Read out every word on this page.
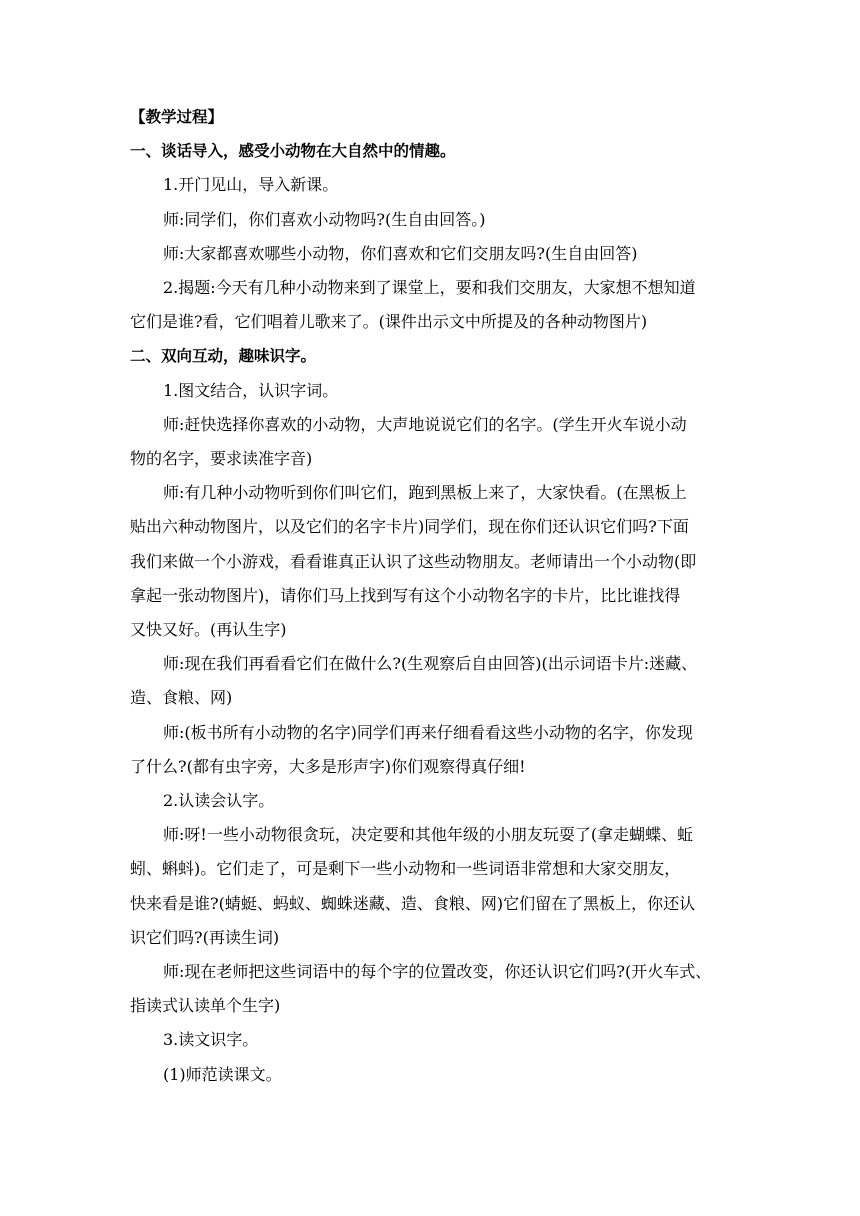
【教学过程】

一、谈话导入，感受小动物在大自然中的情趣。

1.开门见山，导入新课。

师:同学们，你们喜欢小动物吗?(生自由回答。)

师:大家都喜欢哪些小动物，你们喜欢和它们交朋友吗?(生自由回答)

2.揭题:今天有几种小动物来到了课堂上，要和我们交朋友，大家想不想知道

它们是谁?看，它们唱着儿歌来了。(课件出示文中所提及的各种动物图片)

二、双向互动，趣味识字。

1.图文结合，认识字词。

师:赶快选择你喜欢的小动物，大声地说说它们的名字。(学生开火车说小动

物的名字，要求读准字音)

师:有几种小动物听到你们叫它们，跑到黑板上来了，大家快看。(在黑板上

贴出六种动物图片，以及它们的名字卡片)同学们，现在你们还认识它们吗?下面

我们来做一个小游戏，看看谁真正认识了这些动物朋友。老师请出一个小动物(即

拿起一张动物图片)，请你们马上找到写有这个小动物名字的卡片，比比谁找得

又快又好。(再认生字)

师:现在我们再看看它们在做什么?(生观察后自由回答)(出示词语卡片:迷藏、

造、食粮、网)

师:(板书所有小动物的名字)同学们再来仔细看看这些小动物的名字，你发现

了什么?(都有虫字旁，大多是形声字)你们观察得真仔细!

2.认读会认字。

师:呀!一些小动物很贪玩，决定要和其他年级的小朋友玩耍了(拿走蝴蝶、蚯

蚓、蝌蚪)。它们走了，可是剩下一些小动物和一些词语非常想和大家交朋友，

快来看是谁?(蜻蜓、蚂蚁、蜘蛛迷藏、造、食粮、网)它们留在了黑板上，你还认

识它们吗?(再读生词)

师:现在老师把这些词语中的每个字的位置改变，你还认识它们吗?(开火车式、

指读式认读单个生字)

3.读文识字。

(1)师范读课文。
